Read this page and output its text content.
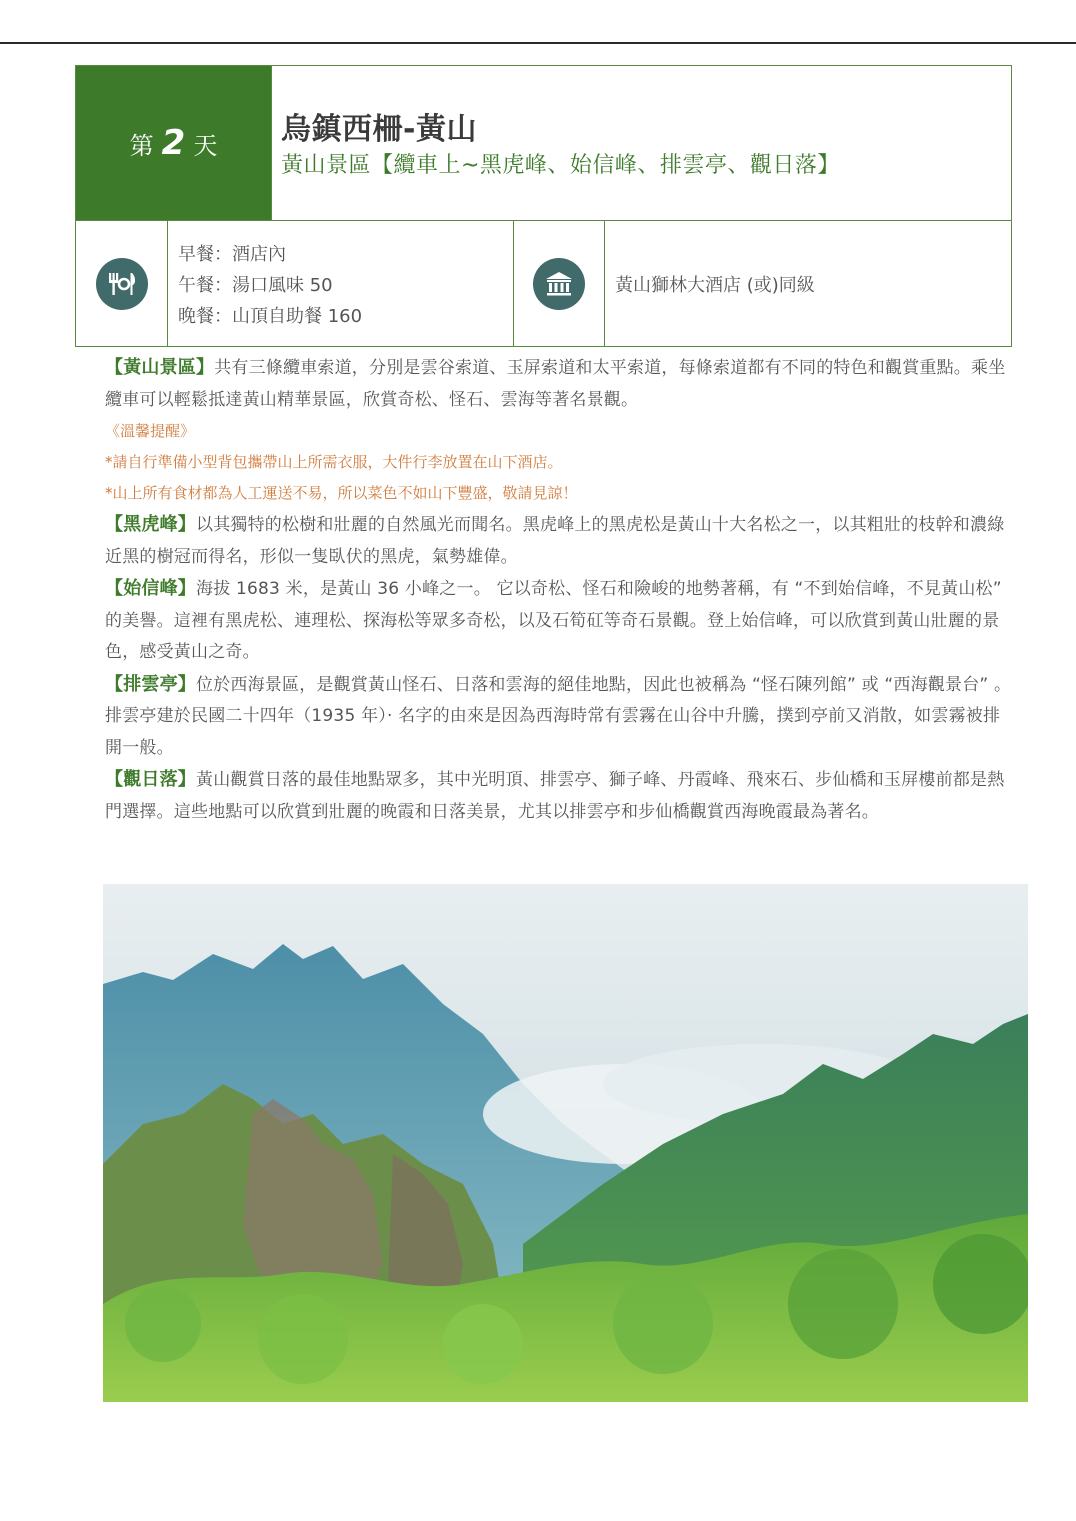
第 2 天 烏鎮西柵-黃山
黃山景區【纜車上~黑虎峰、始信峰、排雲亭、觀日落】
早餐：酒店內
午餐：湯口風味 50
晚餐：山頂自助餐 160
黃山獅林大酒店 (或)同級

【黃山景區】共有三條纜車索道，分別是雲谷索道、玉屏索道和太平索道，每條索道都有不同的特色和觀賞重點。乘坐纜車可以輕鬆抵達黃山精華景區，欣賞奇松、怪石、雲海等著名景觀。

《溫馨提醒》

*請自行準備小型背包攜帶山上所需衣服，大件行李放置在山下酒店。

*山上所有食材都為人工運送不易，所以菜色不如山下豐盛，敬請見諒！

【黑虎峰】以其獨特的松樹和壯麗的自然風光而聞名。黑虎峰上的黑虎松是黃山十大名松之一，以其粗壯的枝幹和濃綠近黑的樹冠而得名，形似一隻臥伏的黑虎，氣勢雄偉。

【始信峰】海拔 1683 米，是黃山 36 小峰之一。 它以奇松、怪石和險峻的地勢著稱，有 “不到始信峰，不見黃山松” 的美譽。這裡有黑虎松、連理松、探海松等眾多奇松，以及石筍矼等奇石景觀。登上始信峰，可以欣賞到黃山壯麗的景色，感受黃山之奇。

【排雲亭】位於西海景區，是觀賞黃山怪石、日落和雲海的絕佳地點，因此也被稱為 “怪石陳列館” 或 “西海觀景台” 。排雲亭建於民國二十四年（1935 年）· 名字的由來是因為西海時常有雲霧在山谷中升騰，撲到亭前又消散，如雲霧被排開一般。

【觀日落】黃山觀賞日落的最佳地點眾多，其中光明頂、排雲亭、獅子峰、丹霞峰、飛來石、步仙橋和玉屏樓前都是熱門選擇。這些地點可以欣賞到壯麗的晚霞和日落美景，尤其以排雲亭和步仙橋觀賞西海晚霞最為著名。
